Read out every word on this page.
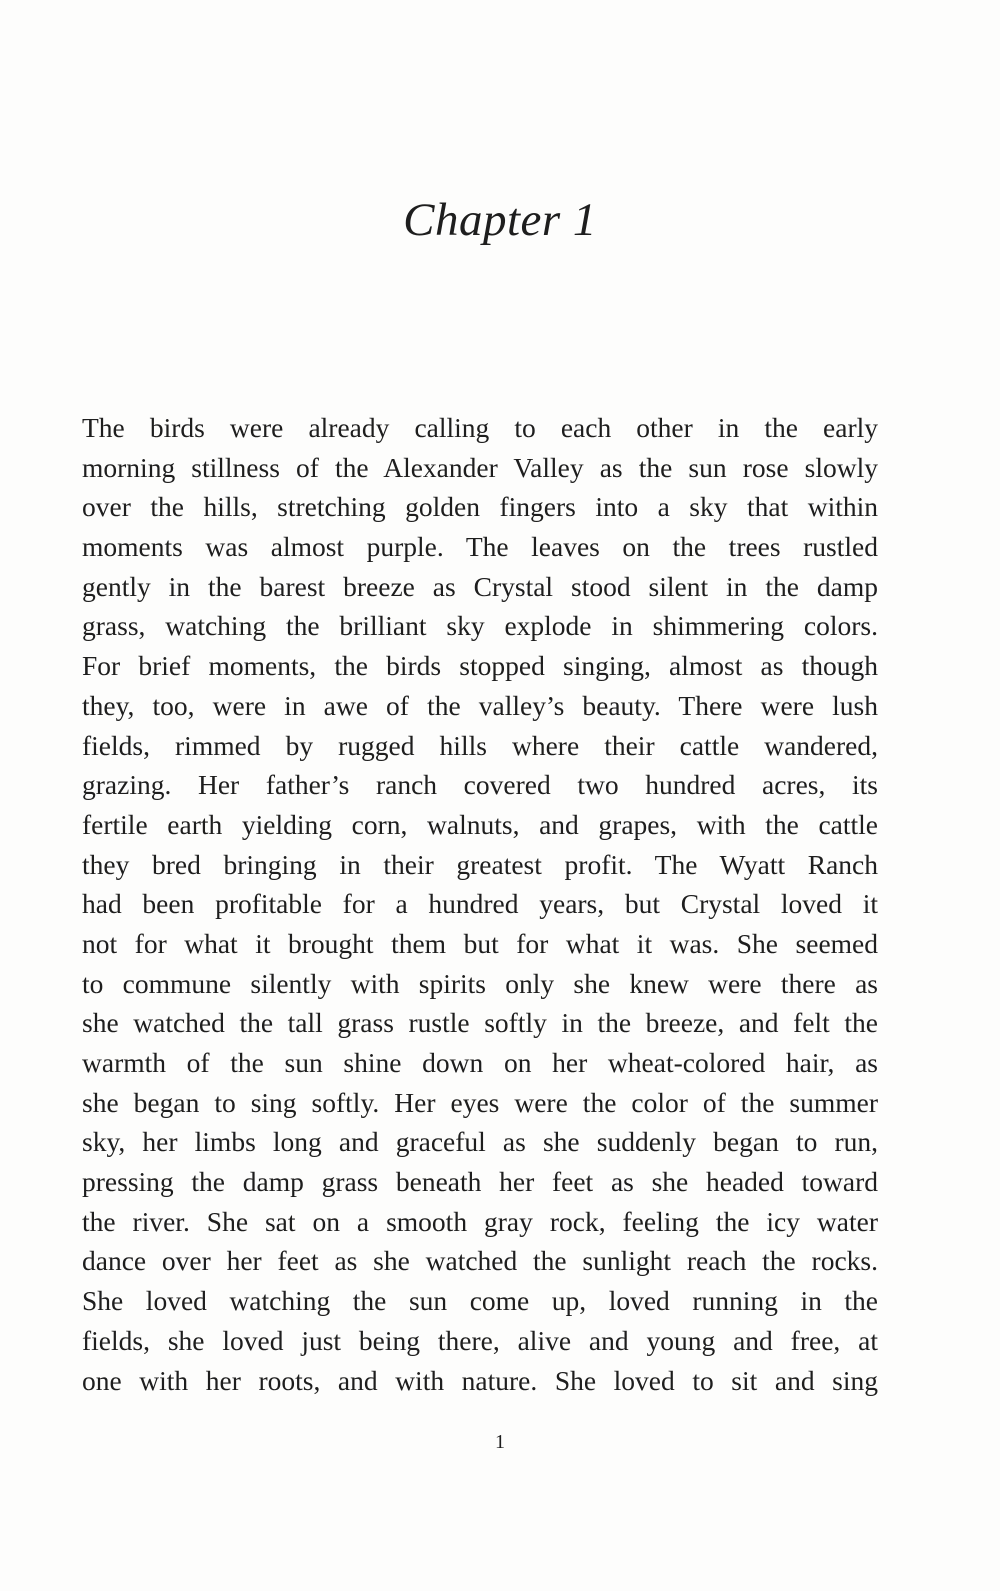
Chapter 1
The birds were already calling to each other in the early
morning stillness of the Alexander Valley as the sun rose slowly
over the hills, stretching golden fingers into a sky that within
moments was almost purple. The leaves on the trees rustled
gently in the barest breeze as Crystal stood silent in the damp
grass, watching the brilliant sky explode in shimmering colors.
For brief moments, the birds stopped singing, almost as though
they, too, were in awe of the valley’s beauty. There were lush
fields, rimmed by rugged hills where their cattle wandered,
grazing. Her father’s ranch covered two hundred acres, its
fertile earth yielding corn, walnuts, and grapes, with the cattle
they bred bringing in their greatest profit. The Wyatt Ranch
had been profitable for a hundred years, but Crystal loved it
not for what it brought them but for what it was. She seemed
to commune silently with spirits only she knew were there as
she watched the tall grass rustle softly in the breeze, and felt the
warmth of the sun shine down on her wheat-colored hair, as
she began to sing softly. Her eyes were the color of the summer
sky, her limbs long and graceful as she suddenly began to run,
pressing the damp grass beneath her feet as she headed toward
the river. She sat on a smooth gray rock, feeling the icy water
dance over her feet as she watched the sunlight reach the rocks.
She loved watching the sun come up, loved running in the
fields, she loved just being there, alive and young and free, at
one with her roots, and with nature. She loved to sit and sing
1
